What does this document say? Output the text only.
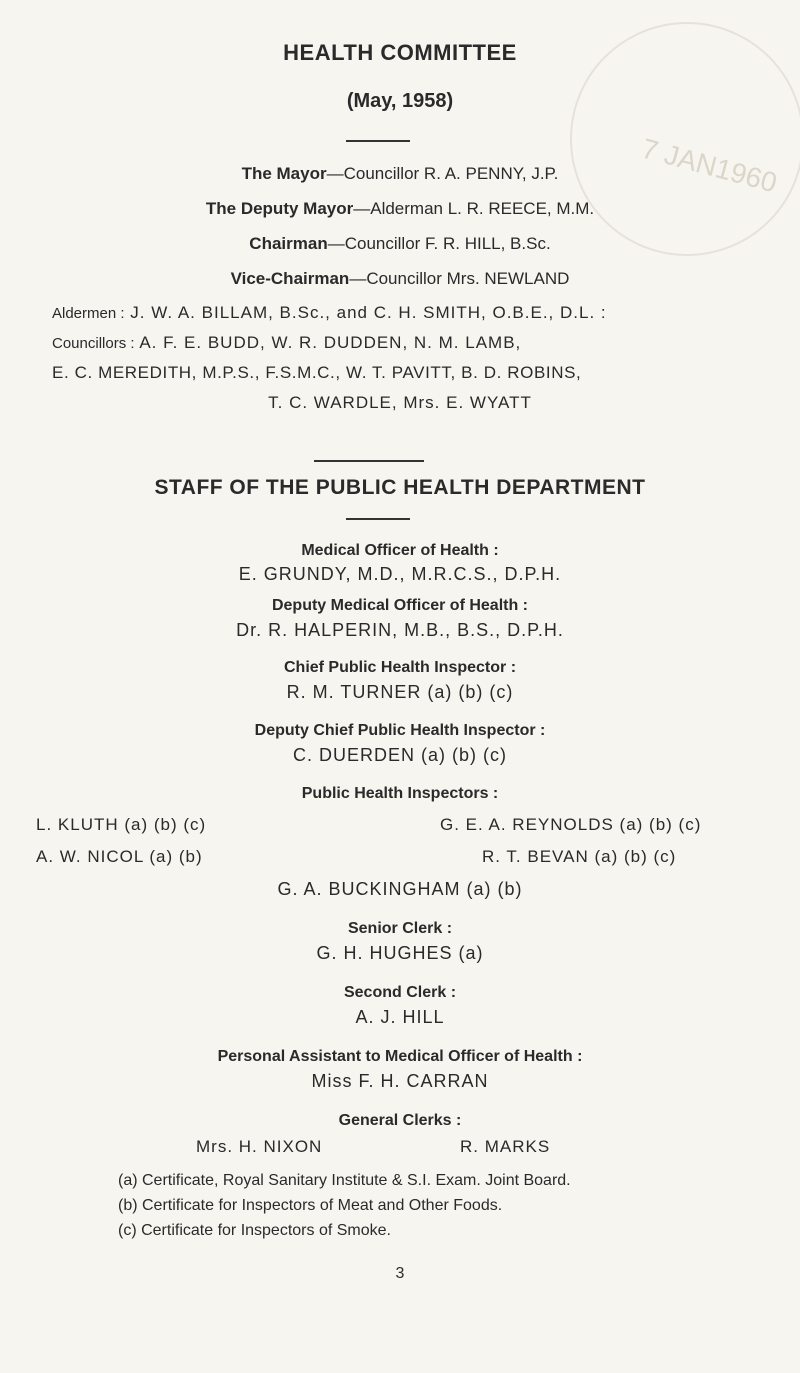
7 JAN1960
HEALTH COMMITTEE
(May, 1958)
The Mayor—Councillor R. A. PENNY, J.P.
The Deputy Mayor—Alderman L. R. REECE, M.M.
Chairman—Councillor F. R. HILL, B.Sc.
Vice-Chairman—Councillor Mrs. NEWLAND
Aldermen : J. W. A. BILLAM, B.Sc., and C. H. SMITH, O.B.E., D.L. :
Councillors : A. F. E. BUDD, W. R. DUDDEN, N. M. LAMB,
E. C. MEREDITH, M.P.S., F.S.M.C., W. T. PAVITT, B. D. ROBINS,
T. C. WARDLE, Mrs. E. WYATT
STAFF OF THE PUBLIC HEALTH DEPARTMENT
Medical Officer of Health :
E. GRUNDY, M.D., M.R.C.S., D.P.H.
Deputy Medical Officer of Health :
Dr. R. HALPERIN, M.B., B.S., D.P.H.
Chief Public Health Inspector :
R. M. TURNER (a) (b) (c)
Deputy Chief Public Health Inspector :
C. DUERDEN (a) (b) (c)
Public Health Inspectors :
L. KLUTH (a) (b) (c)	G. E. A. REYNOLDS (a) (b) (c)
A. W. NICOL (a) (b)	R. T. BEVAN (a) (b) (c)
G. A. BUCKINGHAM (a) (b)
Senior Clerk :
G. H. HUGHES (a)
Second Clerk :
A. J. HILL
Personal Assistant to Medical Officer of Health :
Miss F. H. CARRAN
General Clerks :
Mrs. H. NIXON	R. MARKS
(a) Certificate, Royal Sanitary Institute & S.I. Exam. Joint Board.
(b) Certificate for Inspectors of Meat and Other Foods.
(c) Certificate for Inspectors of Smoke.
3
